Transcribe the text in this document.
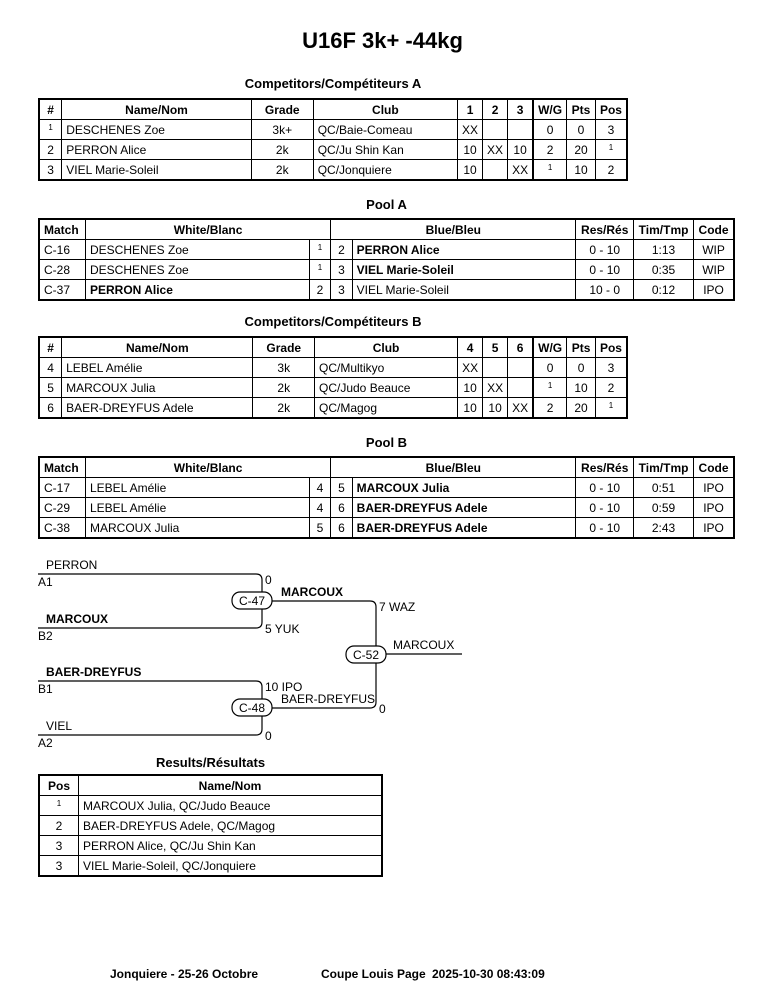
U16F 3k+ -44kg
Competitors/Compétiteurs A
#	Name/Nom	Grade	Club	1	2	3	W/G	Pts	Pos
$^1$	DESCHENES Zoe	3k+	QC/Baie-Comeau	XX			0	0	3
2	PERRON Alice	2k	QC/Ju Shin Kan	10	XX	10	2	20	$^1$
3	VIEL Marie-Soleil	2k	QC/Jonquiere	10		XX	$^1$	10	2
Pool A
Match	White/Blanc		Blue/Bleu		Res/Rés	Tim/Tmp	Code
C-16	DESCHENES Zoe	$^1$	2	PERRON Alice	0 - 10	1:13	WIP
C-28	DESCHENES Zoe	$^1$	3	VIEL Marie-Soleil	0 - 10	0:35	WIP
C-37	PERRON Alice	2	3	VIEL Marie-Soleil	10 - 0	0:12	IPO
Competitors/Compétiteurs B
#	Name/Nom	Grade	Club	4	5	6	W/G	Pts	Pos
4	LEBEL Amélie	3k	QC/Multikyo	XX			0	0	3
5	MARCOUX Julia	2k	QC/Judo Beauce	10	XX		$^1$	10	2
6	BAER-DREYFUS Adele	2k	QC/Magog	10	10	XX	2	20	$^1$
Pool B
Match	White/Blanc		Blue/Bleu		Res/Rés	Tim/Tmp	Code
C-17	LEBEL Amélie	4	5	MARCOUX Julia	0 - 10	0:51	IPO
C-29	LEBEL Amélie	4	6	BAER-DREYFUS Adele	0 - 10	0:59	IPO
C-38	MARCOUX Julia	5	6	BAER-DREYFUS Adele	0 - 10	2:43	IPO
PERRON
A1
MARCOUX
B2
BAER-DREYFUS
B1
VIEL
A2
C-47
C-48
C-52
0
5 YUK
10 IPO
0
MARCOUX
BAER-DREYFUS
7 WAZ
0
MARCOUX
Results/Résultats
Pos	Name/Nom
$^1$	MARCOUX Julia, QC/Judo Beauce
2	BAER-DREYFUS Adele, QC/Magog
3	PERRON Alice, QC/Ju Shin Kan
3	VIEL Marie-Soleil, QC/Jonquiere
Jonquiere - 25-26 Octobre	Coupe Louis Page 2025-10-30 08:43:09
